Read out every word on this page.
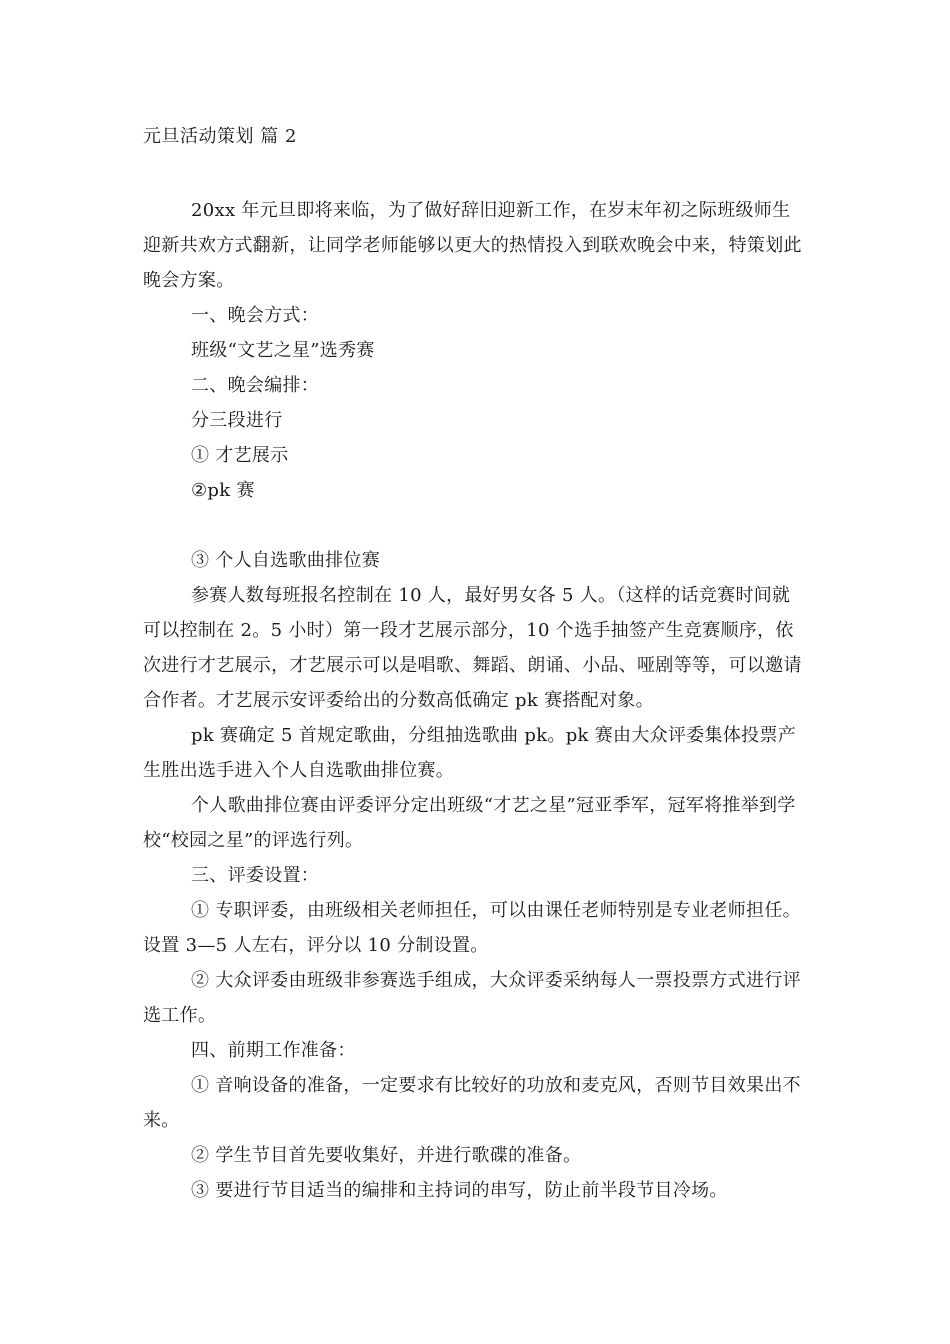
元旦活动策划 篇 2

20xx 年元旦即将来临，为了做好辞旧迎新工作，在岁末年初之际班级师生迎新共欢方式翻新，让同学老师能够以更大的热情投入到联欢晚会中来，特策划此晚会方案。

一、晚会方式：

班级“文艺之星”选秀赛

二、晚会编排：

分三段进行

① 才艺展示

②pk 赛

③ 个人自选歌曲排位赛

参赛人数每班报名控制在 10 人，最好男女各 5 人。（这样的话竞赛时间就可以控制在 2。5 小时）第一段才艺展示部分，10 个选手抽签产生竞赛顺序，依次进行才艺展示，才艺展示可以是唱歌、舞蹈、朗诵、小品、哑剧等等，可以邀请合作者。才艺展示安评委给出的分数高低确定 pk 赛搭配对象。

pk 赛确定 5 首规定歌曲，分组抽选歌曲 pk。pk 赛由大众评委集体投票产生胜出选手进入个人自选歌曲排位赛。

个人歌曲排位赛由评委评分定出班级“才艺之星”冠亚季军，冠军将推举到学校“校园之星”的评选行列。

三、评委设置：

① 专职评委，由班级相关老师担任，可以由课任老师特别是专业老师担任。设置 3—5 人左右，评分以 10 分制设置。

② 大众评委由班级非参赛选手组成，大众评委采纳每人一票投票方式进行评选工作。

四、前期工作准备：

① 音响设备的准备，一定要求有比较好的功放和麦克风，否则节目效果出不来。

② 学生节目首先要收集好，并进行歌碟的准备。

③ 要进行节目适当的编排和主持词的串写，防止前半段节目冷场。
